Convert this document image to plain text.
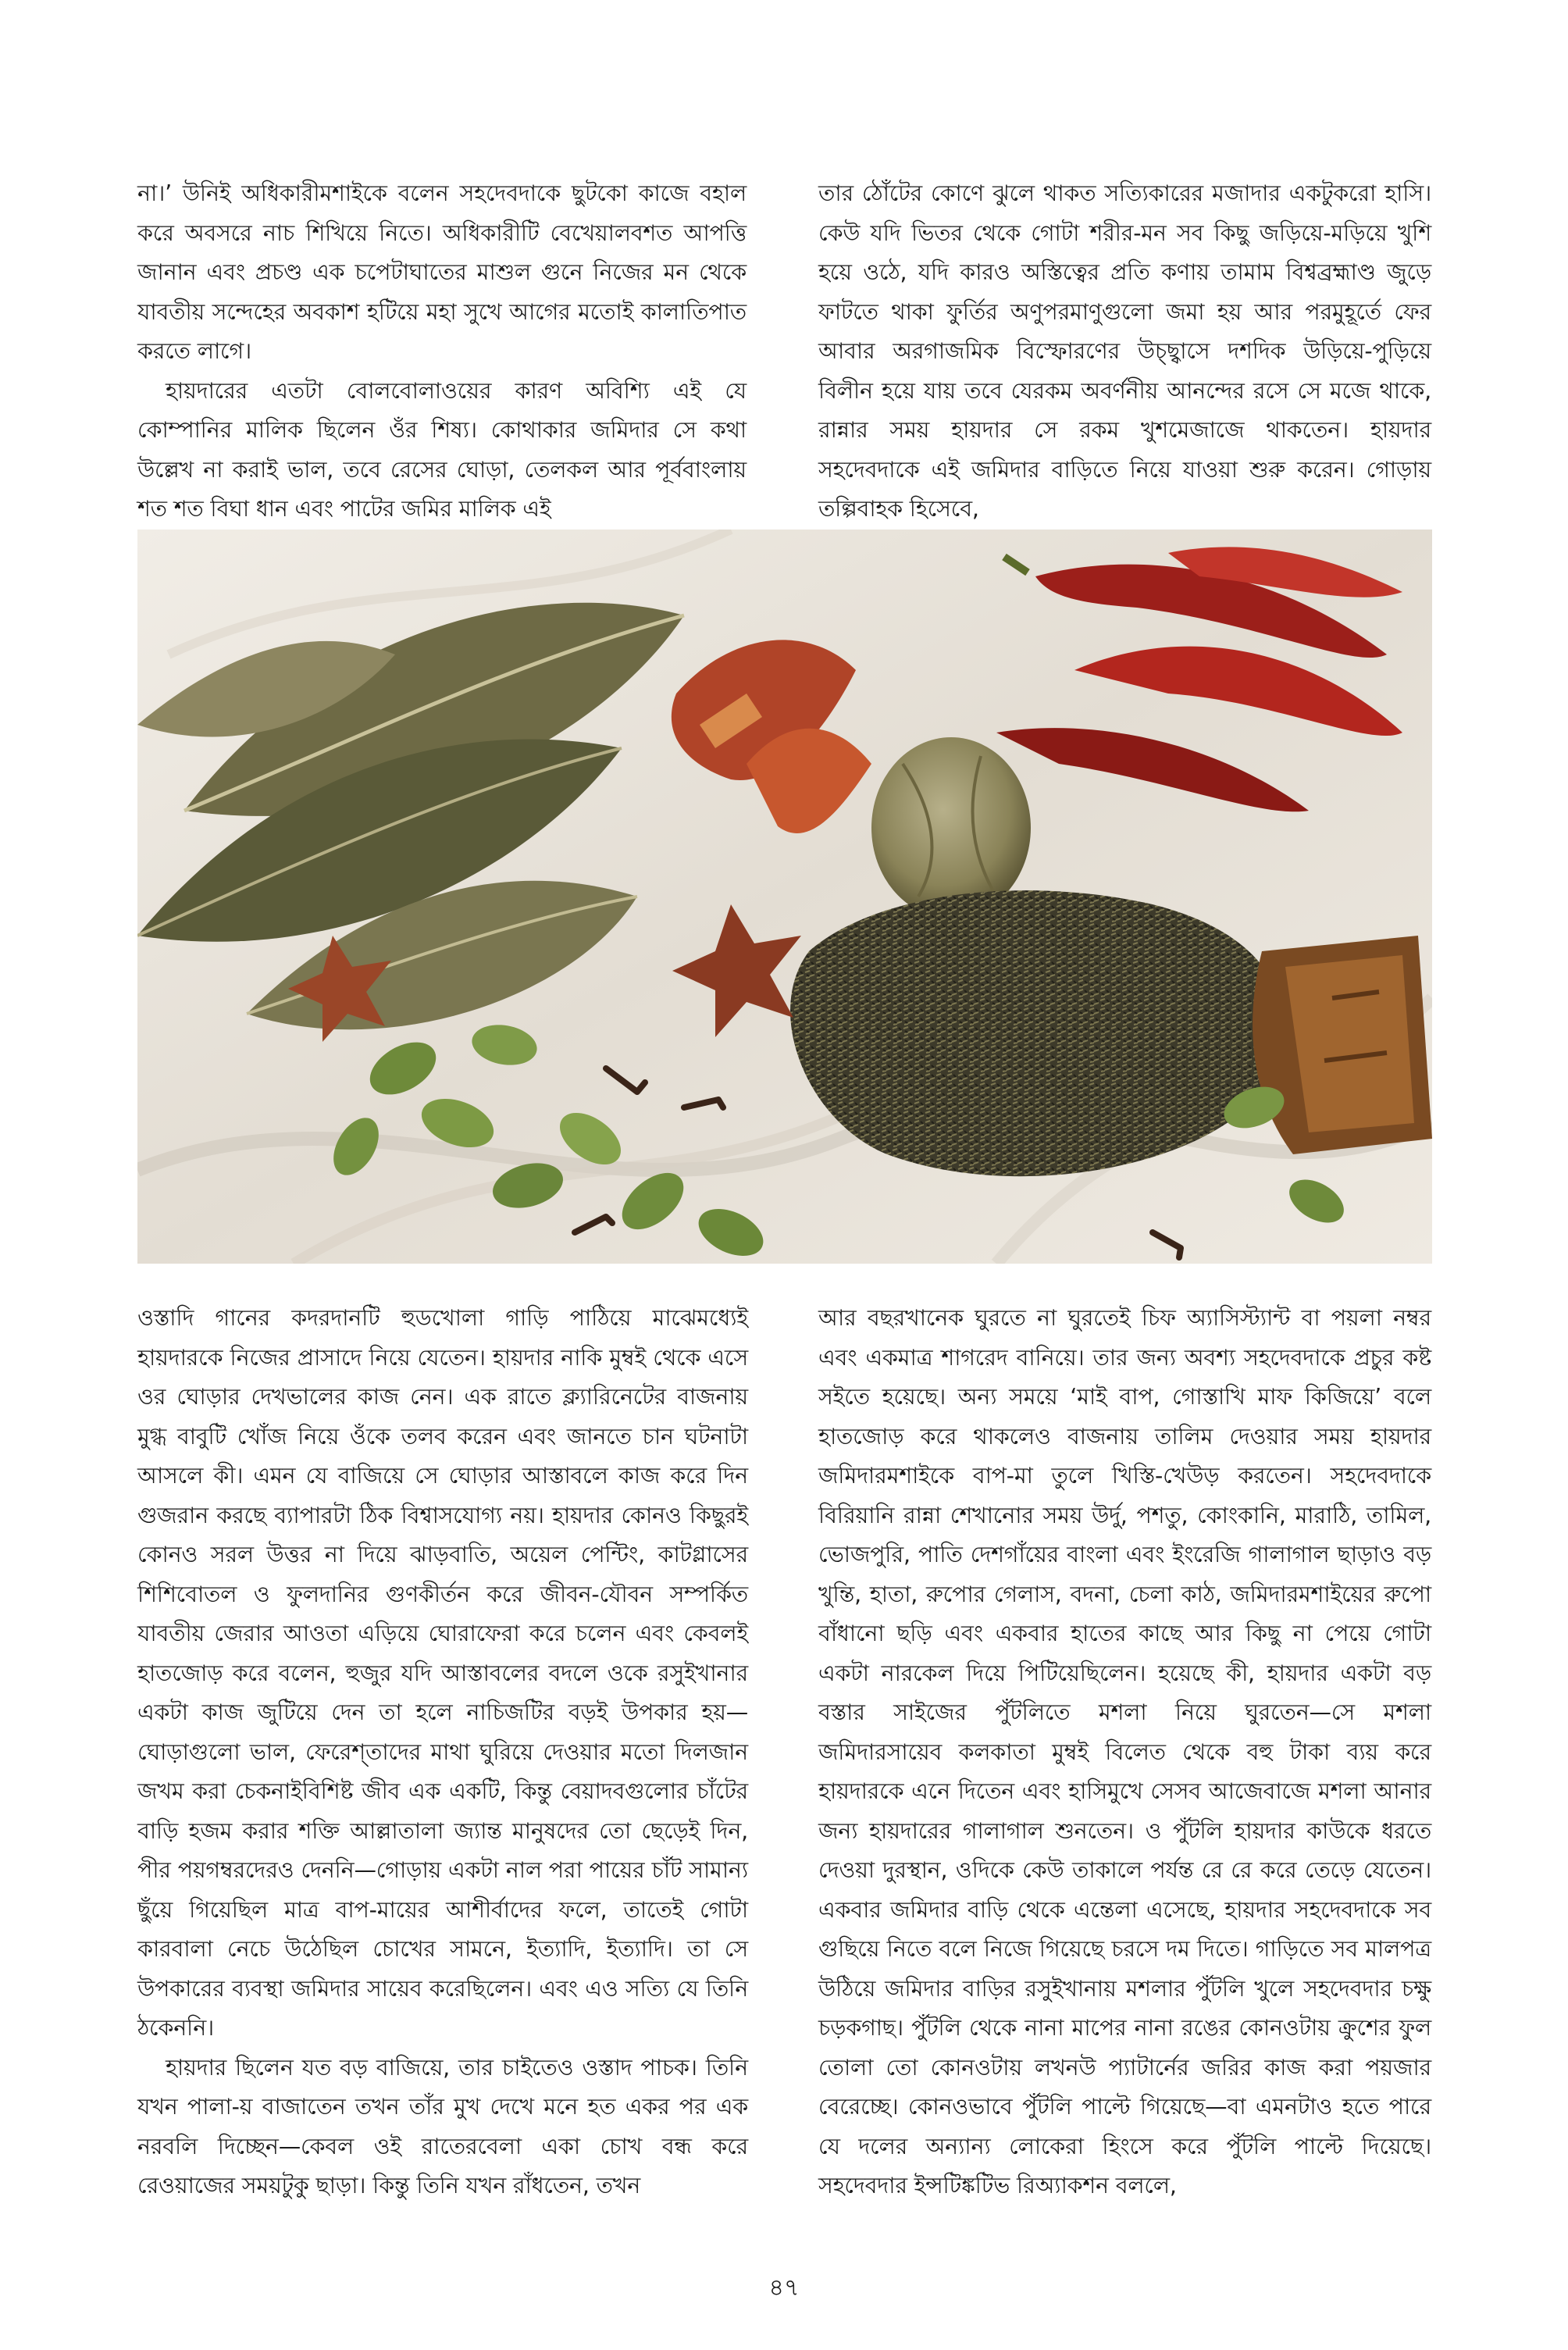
না।’ উনিই অধিকারীমশাইকে বলেন সহদেবদাকে ছুটকো কাজে বহাল করে অবসরে নাচ শিখিয়ে নিতে। অধিকারীটি বেখেয়ালবশত আপত্তি জানান এবং প্রচণ্ড এক চপেটাঘাতের মাশুল গুনে নিজের মন থেকে যাবতীয় সন্দেহের অবকাশ হটিয়ে মহা সুখে আগের মতোই কালাতিপাত করতে লাগে।

হায়দারের এতটা বোলবোলাওয়ের কারণ অবিশ্যি এই যে কোম্পানির মালিক ছিলেন ওঁর শিষ্য। কোথাকার জমিদার সে কথা উল্লেখ না করাই ভাল, তবে রেসের ঘোড়া, তেলকল আর পূর্ববাংলায় শত শত বিঘা ধান এবং পাটের জমির মালিক এই

তার ঠোঁটের কোণে ঝুলে থাকত সত্যিকারের মজাদার একটুকরো হাসি। কেউ যদি ভিতর থেকে গোটা শরীর-মন সব কিছু জড়িয়ে-মড়িয়ে খুশি হয়ে ওঠে, যদি কারও অস্তিত্বের প্রতি কণায় তামাম বিশ্বব্রহ্মাণ্ড জুড়ে ফাটতে থাকা ফুর্তির অণুপরমাণুগুলো জমা হয় আর পরমুহূর্তে ফের আবার অরগাজমিক বিস্ফোরণের উচ্ছ্বাসে দশদিক উড়িয়ে-পুড়িয়ে বিলীন হয়ে যায় তবে যেরকম অবর্ণনীয় আনন্দের রসে সে মজে থাকে, রান্নার সময় হায়দার সে রকম খুশমেজাজে থাকতেন। হায়দার সহদেবদাকে এই জমিদার বাড়িতে নিয়ে যাওয়া শুরু করেন। গোড়ায় তল্পিবাহক হিসেবে,

ওস্তাদি গানের কদরদানটি হুডখোলা গাড়ি পাঠিয়ে মাঝেমধ্যেই হায়দারকে নিজের প্রাসাদে নিয়ে যেতেন। হায়দার নাকি মুম্বই থেকে এসে ওর ঘোড়ার দেখভালের কাজ নেন। এক রাতে ক্ল্যারিনেটের বাজনায় মুগ্ধ বাবুটি খোঁজ নিয়ে ওঁকে তলব করেন এবং জানতে চান ঘটনাটা আসলে কী। এমন যে বাজিয়ে সে ঘোড়ার আস্তাবলে কাজ করে দিন গুজরান করছে ব্যাপারটা ঠিক বিশ্বাসযোগ্য নয়। হায়দার কোনও কিছুরই কোনও সরল উত্তর না দিয়ে ঝাড়বাতি, অয়েল পেন্টিং, কাটগ্লাসের শিশিবোতল ও ফুলদানির গুণকীর্তন করে জীবন-যৌবন সম্পর্কিত যাবতীয় জেরার আওতা এড়িয়ে ঘোরাফেরা করে চলেন এবং কেবলই হাতজোড় করে বলেন, হুজুর যদি আস্তাবলের বদলে ওকে রসুইখানার একটা কাজ জুটিয়ে দেন তা হলে নাচিজটির বড়ই উপকার হয়—ঘোড়াগুলো ভাল, ফেরেশ্‌তাদের মাথা ঘুরিয়ে দেওয়ার মতো দিলজান জখম করা চেকনাইবিশিষ্ট জীব এক একটি, কিন্তু বেয়াদবগুলোর চাঁটের বাড়ি হজম করার শক্তি আল্লাতালা জ্যান্ত মানুষদের তো ছেড়েই দিন, পীর পয়গম্বরদেরও দেননি—গোড়ায় একটা নাল পরা পায়ের চাঁট সামান্য ছুঁয়ে গিয়েছিল মাত্র বাপ-মায়ের আশীর্বাদের ফলে, তাতেই গোটা কারবালা নেচে উঠেছিল চোখের সামনে, ইত্যাদি, ইত্যাদি। তা সে উপকারের ব্যবস্থা জমিদার সায়েব করেছিলেন। এবং এও সত্যি যে তিনি ঠকেননি।

হায়দার ছিলেন যত বড় বাজিয়ে, তার চাইতেও ওস্তাদ পাচক। তিনি যখন পালা-য় বাজাতেন তখন তাঁর মুখ দেখে মনে হত একর পর এক নরবলি দিচ্ছেন—কেবল ওই রাতেরবেলা একা চোখ বন্ধ করে রেওয়াজের সময়টুকু ছাড়া। কিন্তু তিনি যখন রাঁধতেন, তখন

আর বছরখানেক ঘুরতে না ঘুরতেই চিফ অ্যাসিস্ট্যান্ট বা পয়লা নম্বর এবং একমাত্র শাগরেদ বানিয়ে। তার জন্য অবশ্য সহদেবদাকে প্রচুর কষ্ট সইতে হয়েছে। অন্য সময়ে ‘মাই বাপ, গোস্তাখি মাফ কিজিয়ে’ বলে হাতজোড় করে থাকলেও বাজনায় তালিম দেওয়ার সময় হায়দার জমিদারমশাইকে বাপ-মা তুলে খিস্তি-খেউড় করতেন। সহদেবদাকে বিরিয়ানি রান্না শেখানোর সময় উর্দু, পশতু, কোংকানি, মারাঠি, তামিল, ভোজপুরি, পাতি দেশগাঁয়ের বাংলা এবং ইংরেজি গালাগাল ছাড়াও বড় খুন্তি, হাতা, রুপোর গেলাস, বদনা, চেলা কাঠ, জমিদারমশাইয়ের রুপো বাঁধানো ছড়ি এবং একবার হাতের কাছে আর কিছু না পেয়ে গোটা একটা নারকেল দিয়ে পিটিয়েছিলেন। হয়েছে কী, হায়দার একটা বড় বস্তার সাইজের পুঁটলিতে মশলা নিয়ে ঘুরতেন—সে মশলা জমিদারসায়েব কলকাতা মুম্বই বিলেত থেকে বহু টাকা ব্যয় করে হায়দারকে এনে দিতেন এবং হাসিমুখে সেসব আজেবাজে মশলা আনার জন্য হায়দারের গালাগাল শুনতেন। ও পুঁটলি হায়দার কাউকে ধরতে দেওয়া দুরস্থান, ওদিকে কেউ তাকালে পর্যন্ত রে রে করে তেড়ে যেতেন। একবার জমিদার বাড়ি থেকে এন্তেলা এসেছে, হায়দার সহদেবদাকে সব গুছিয়ে নিতে বলে নিজে গিয়েছে চরসে দম দিতে। গাড়িতে সব মালপত্র উঠিয়ে জমিদার বাড়ির রসুইখানায় মশলার পুঁটলি খুলে সহদেবদার চক্ষু চড়কগাছ। পুঁটলি থেকে নানা মাপের নানা রঙের কোনওটায় ক্রুশের ফুল তোলা তো কোনওটায় লখনউ প্যাটার্নের জরির কাজ করা পয়জার বেরেচ্ছে। কোনওভাবে পুঁটলি পাল্টে গিয়েছে—বা এমনটাও হতে পারে যে দলের অন্যান্য লোকেরা হিংসে করে পুঁটলি পাল্টে দিয়েছে। সহদেবদার ইন্সটিঙ্কটিভ রিঅ্যাকশন বললে,

৪৭
